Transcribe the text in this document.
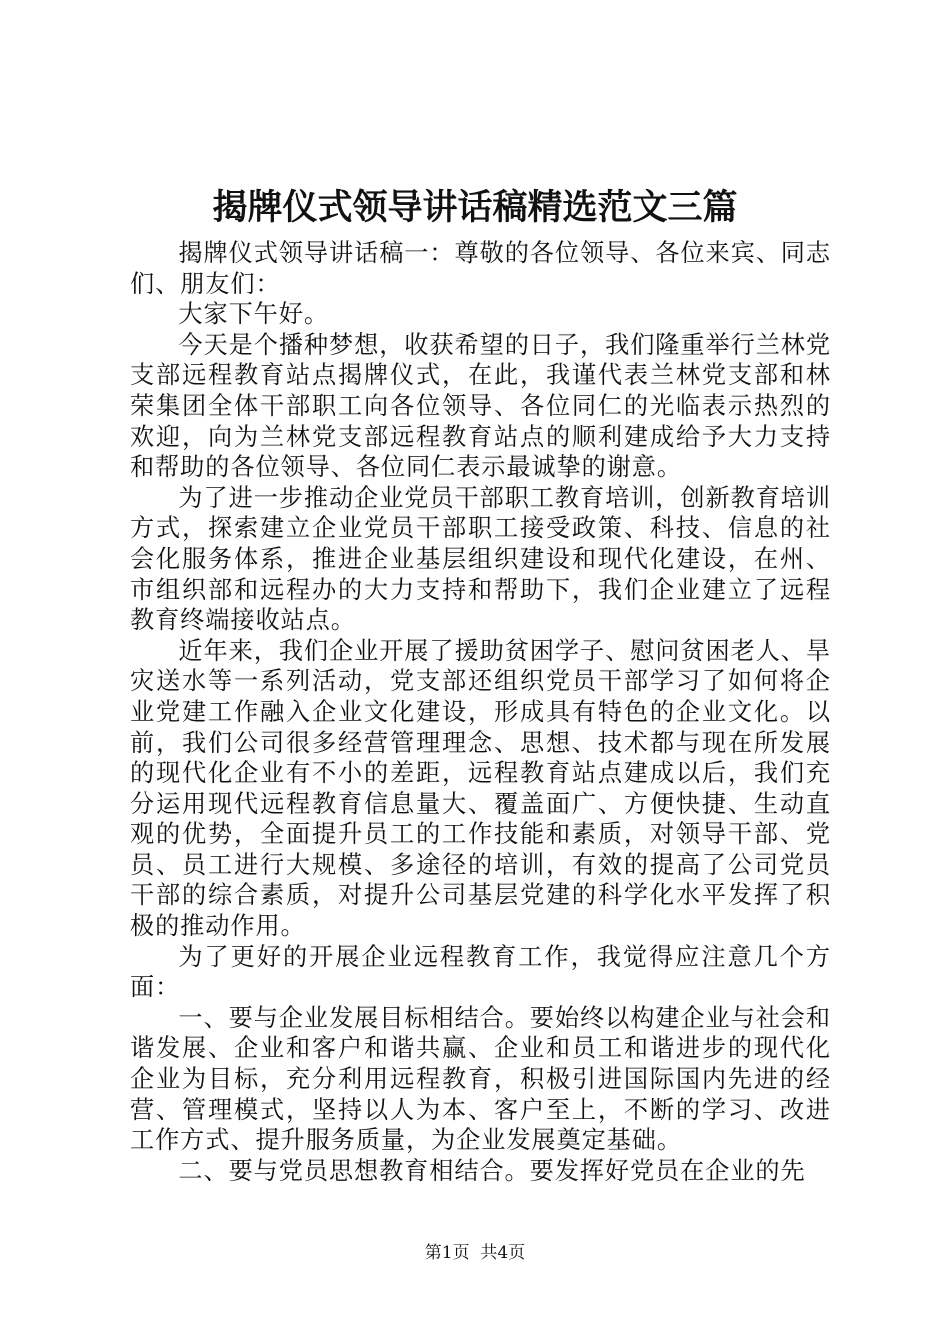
揭牌仪式领导讲话稿精选范文三篇

揭牌仪式领导讲话稿一：尊敬的各位领导、各位来宾、同志们、朋友们：

大家下午好。

今天是个播种梦想，收获希望的日子，我们隆重举行兰林党支部远程教育站点揭牌仪式，在此，我谨代表兰林党支部和林荣集团全体干部职工向各位领导、各位同仁的光临表示热烈的欢迎，向为兰林党支部远程教育站点的顺利建成给予大力支持和帮助的各位领导、各位同仁表示最诚挚的谢意。

为了进一步推动企业党员干部职工教育培训，创新教育培训方式，探索建立企业党员干部职工接受政策、科技、信息的社会化服务体系，推进企业基层组织建设和现代化建设，在州、市组织部和远程办的大力支持和帮助下，我们企业建立了远程教育终端接收站点。

近年来，我们企业开展了援助贫困学子、慰问贫困老人、旱灾送水等一系列活动，党支部还组织党员干部学习了如何将企业党建工作融入企业文化建设，形成具有特色的企业文化。以前，我们公司很多经营管理理念、思想、技术都与现在所发展的现代化企业有不小的差距，远程教育站点建成以后，我们充分运用现代远程教育信息量大、覆盖面广、方便快捷、生动直观的优势，全面提升员工的工作技能和素质，对领导干部、党员、员工进行大规模、多途径的培训，有效的提高了公司党员干部的综合素质，对提升公司基层党建的科学化水平发挥了积极的推动作用。

为了更好的开展企业远程教育工作，我觉得应注意几个方面：

一、要与企业发展目标相结合。要始终以构建企业与社会和谐发展、企业和客户和谐共赢、企业和员工和谐进步的现代化企业为目标，充分利用远程教育，积极引进国际国内先进的经营、管理模式，坚持以人为本、客户至上，不断的学习、改进工作方式、提升服务质量，为企业发展奠定基础。

二、要与党员思想教育相结合。要发挥好党员在企业的先

第1页  共4页
